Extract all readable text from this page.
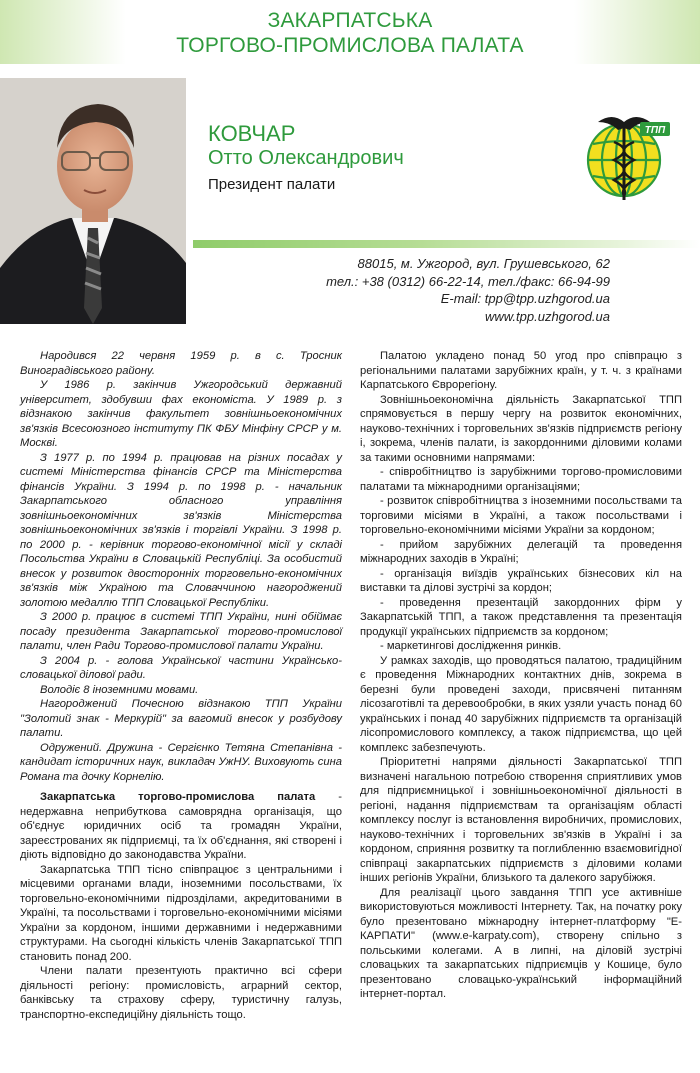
ЗАКАРПАТСЬКА
ТОРГОВО-ПРОМИСЛОВА ПАЛАТА
КОВЧАР
Отто Олександрович
Президент палати
ТПП
88015, м. Ужгород, вул. Грушевського, 62
тел.: +38 (0312) 66-22-14, тел./факс: 66-94-99
E-mail: tpp@tpp.uzhgorod.ua
www.tpp.uzhgorod.ua

Народився 22 червня 1959 р. в с. Тросник Виноградівського району.

У 1986 р. закінчив Ужгородський державний університет, здобувши фах економіста. У 1989 р. з відзнакою закінчив факультет зовнішньоекономічних зв'язків Всесоюзного інституту ПК ФБУ Мінфіну СРСР у м. Москві.

З 1977 р. по 1994 р. працював на різних посадах у системі Міністерства фінансів СРСР та Міністерства фінансів України. З 1994 р. по 1998 р. - начальник Закарпатського обласного управління зовнішньоекономічних зв'язків Міністерства зовнішньоекономічних зв'язків і торгівлі України. З 1998 р. по 2000 р. - керівник торгово-економічної місії у складі Посольства України в Словацькій Республіці. За особистий внесок у розвиток двосторонніх торговельно-економічних зв'язків між Україною та Словаччиною нагороджений золотою медаллю ТПП Словацької Республіки.

З 2000 р. працює в системі ТПП України, нині обіймає посаду президента Закарпатської торгово-промислової палати, член Ради Торгово-промислової палати України.

З 2004 р. - голова Української частини Українсько-словацької ділової ради.

Володіє 8 іноземними мовами.

Нагороджений Почесною відзнакою ТПП України "Золотий знак - Меркурій" за вагомий внесок у розбудову палати.

Одружений. Дружина - Сергієнко Тетяна Степанівна - кандидат історичних наук, викладач УжНУ. Виховують сина Романа та дочку Корнелію.

Закарпатська торгово-промислова палата - недержавна неприбуткова самоврядна організація, що об'єднує юридичних осіб та громадян України, зареєстрованих як підприємці, та їх об'єднання, які створені і діють відповідно до законодавства України.

Закарпатська ТПП тісно співпрацює з центральними і місцевими органами влади, іноземними посольствами, їх торговельно-економічними підрозділами, акредитованими в Україні, та посольствами і торговельно-економічними місіями України за кордоном, іншими державними і недержавними структурами. На сьогодні кількість членів Закарпатської ТПП становить понад 200.

Члени палати презентують практично всі сфери діяльності регіону: промисловість, аграрний сектор, банківську та страхову сферу, туристичну галузь, транспортно-експедиційну діяльність тощо.

Палатою укладено понад 50 угод про співпрацю з регіональними палатами зарубіжних країн, у т. ч. з країнами Карпатського Єврорегіону.

Зовнішньоекономічна діяльність Закарпатської ТПП спрямовується в першу чергу на розвиток економічних, науково-технічних і торговельних зв'язків підприємств регіону і, зокрема, членів палати, із закордонними діловими колами за такими основними напрямами:

- співробітництво із зарубіжними торгово-промисловими палатами та міжнародними організаціями;

- розвиток співробітництва з іноземними посольствами та торговими місіями в Україні, а також посольствами і торговельно-економічними місіями України за кордоном;

- прийом зарубіжних делегацій та проведення міжнародних заходів в Україні;

- організація виїздів українських бізнесових кіл на виставки та ділові зустрічі за кордон;

- проведення презентацій закордонних фірм у Закарпатській ТПП, а також представлення та презентація продукції українських підприємств за кордоном;

- маркетингові дослідження ринків.

У рамках заходів, що проводяться палатою, традиційним є проведення Міжнародних контактних днів, зокрема в березні були проведені заходи, присвячені питанням лісозаготівлі та деревообробки, в яких узяли участь понад 60 українських і понад 40 зарубіжних підприємств та організацій лісопромислового комплексу, а також підприємства, що цей комплекс забезпечують.

Пріоритетні напрями діяльності Закарпатської ТПП визначені нагальною потребою створення сприятливих умов для підприємницької і зовнішньоекономічної діяльності в регіоні, надання підприємствам та організаціям області комплексу послуг із встановлення виробничих, промислових, науково-технічних і торговельних зв'язків в Україні і за кордоном, сприяння розвитку та поглибленню взаємовигідної співпраці закарпатських підприємств з діловими колами інших регіонів України, близького та далекого зарубіжжя.

Для реалізації цього завдання ТПП усе активніше використовуються можливості Інтернету. Так, на початку року було презентовано міжнародну інтернет-платформу "Е-КАРПАТИ" (www.e-karpaty.com), створену спільно з польськими колегами. А в липні, на діловій зустрічі словацьких та закарпатських підприємців у Кошице, було презентовано словацько-український інформаційний інтернет-портал.
